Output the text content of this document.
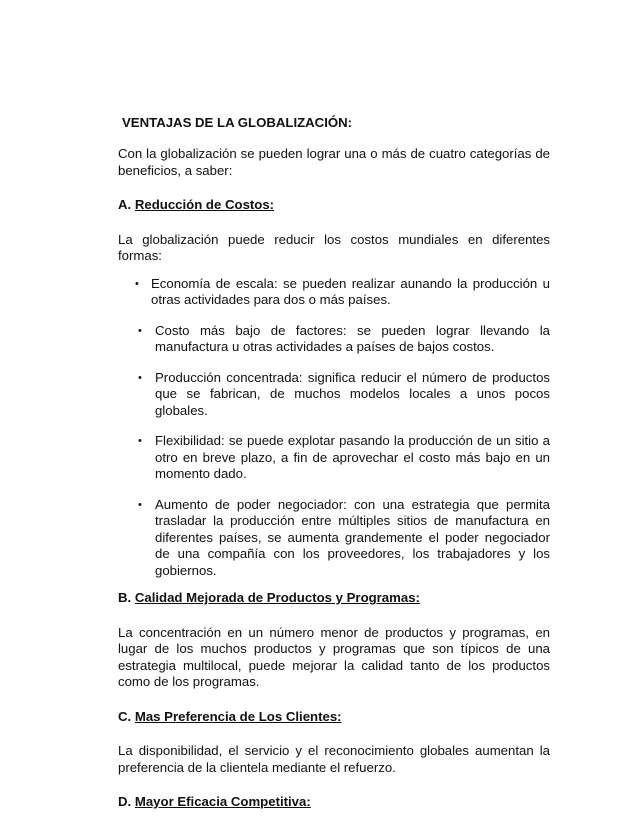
VENTAJAS DE LA GLOBALIZACIÓN:

Con la globalización se pueden lograr una o más de cuatro categorías de beneficios, a saber:

A. Reducción de Costos:

La globalización puede reducir los costos mundiales en diferentes formas:

• Economía de escala: se pueden realizar aunando la producción u otras actividades para dos o más países.
• Costo más bajo de factores: se pueden lograr llevando la manufactura u otras actividades a países de bajos costos.
• Producción concentrada: significa reducir el número de productos que se fabrican, de muchos modelos locales a unos pocos globales.
• Flexibilidad: se puede explotar pasando la producción de un sitio a otro en breve plazo, a fin de aprovechar el costo más bajo en un momento dado.
• Aumento de poder negociador: con una estrategia que permita trasladar la producción entre múltiples sitios de manufactura en diferentes países, se aumenta grandemente el poder negociador de una compañía con los proveedores, los trabajadores y los gobiernos.
B. Calidad Mejorada de Productos y Programas:

La concentración en un número menor de productos y programas, en lugar de los muchos productos y programas que son típicos de una estrategia multilocal, puede mejorar la calidad tanto de los productos como de los programas.

C. Mas Preferencia de Los Clientes:

La disponibilidad, el servicio y el reconocimiento globales aumentan la preferencia de la clientela mediante el refuerzo.

D. Mayor Eficacia Competitiva:
